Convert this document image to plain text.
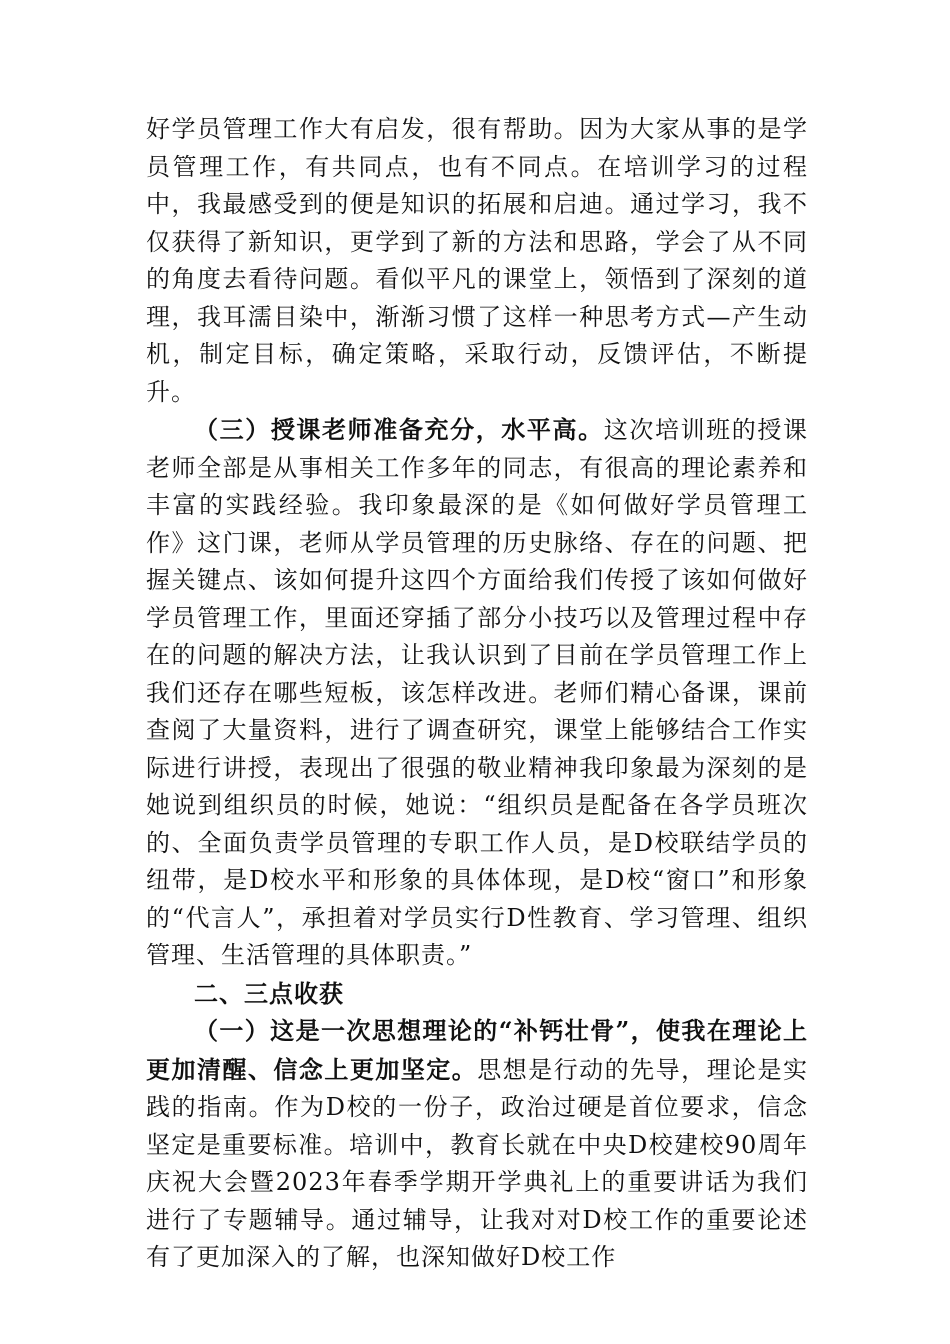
好学员管理工作大有启发，很有帮助。因为大家从事的是学员管理工作，有共同点，也有不同点。在培训学习的过程中，我最感受到的便是知识的拓展和启迪。通过学习，我不仅获得了新知识，更学到了新的方法和思路，学会了从不同的角度去看待问题。看似平凡的课堂上，领悟到了深刻的道理，我耳濡目染中，渐渐习惯了这样一种思考方式—产生动机，制定目标，确定策略，采取行动，反馈评估，不断提升。

（三）授课老师准备充分，水平高。这次培训班的授课老师全部是从事相关工作多年的同志，有很高的理论素养和丰富的实践经验。我印象最深的是《如何做好学员管理工作》这门课，老师从学员管理的历史脉络、存在的问题、把握关键点、该如何提升这四个方面给我们传授了该如何做好学员管理工作，里面还穿插了部分小技巧以及管理过程中存在的问题的解决方法，让我认识到了目前在学员管理工作上我们还存在哪些短板，该怎样改进。老师们精心备课，课前查阅了大量资料，进行了调查研究，课堂上能够结合工作实际进行讲授，表现出了很强的敬业精神我印象最为深刻的是她说到组织员的时候，她说：“组织员是配备在各学员班次的、全面负责学员管理的专职工作人员，是D校联结学员的纽带，是D校水平和形象的具体体现，是D校“窗口”和形象的“代言人”，承担着对学员实行D性教育、学习管理、组织管理、生活管理的具体职责。”

二、三点收获

（一）这是一次思想理论的“补钙壮骨”，使我在理论上更加清醒、信念上更加坚定。思想是行动的先导，理论是实践的指南。作为D校的一份子，政治过硬是首位要求，信念坚定是重要标准。培训中，教育长就在中央D校建校90周年庆祝大会暨2023年春季学期开学典礼上的重要讲话为我们进行了专题辅导。通过辅导，让我对对D校工作的重要论述有了更加深入的了解，也深知做好D校工作
